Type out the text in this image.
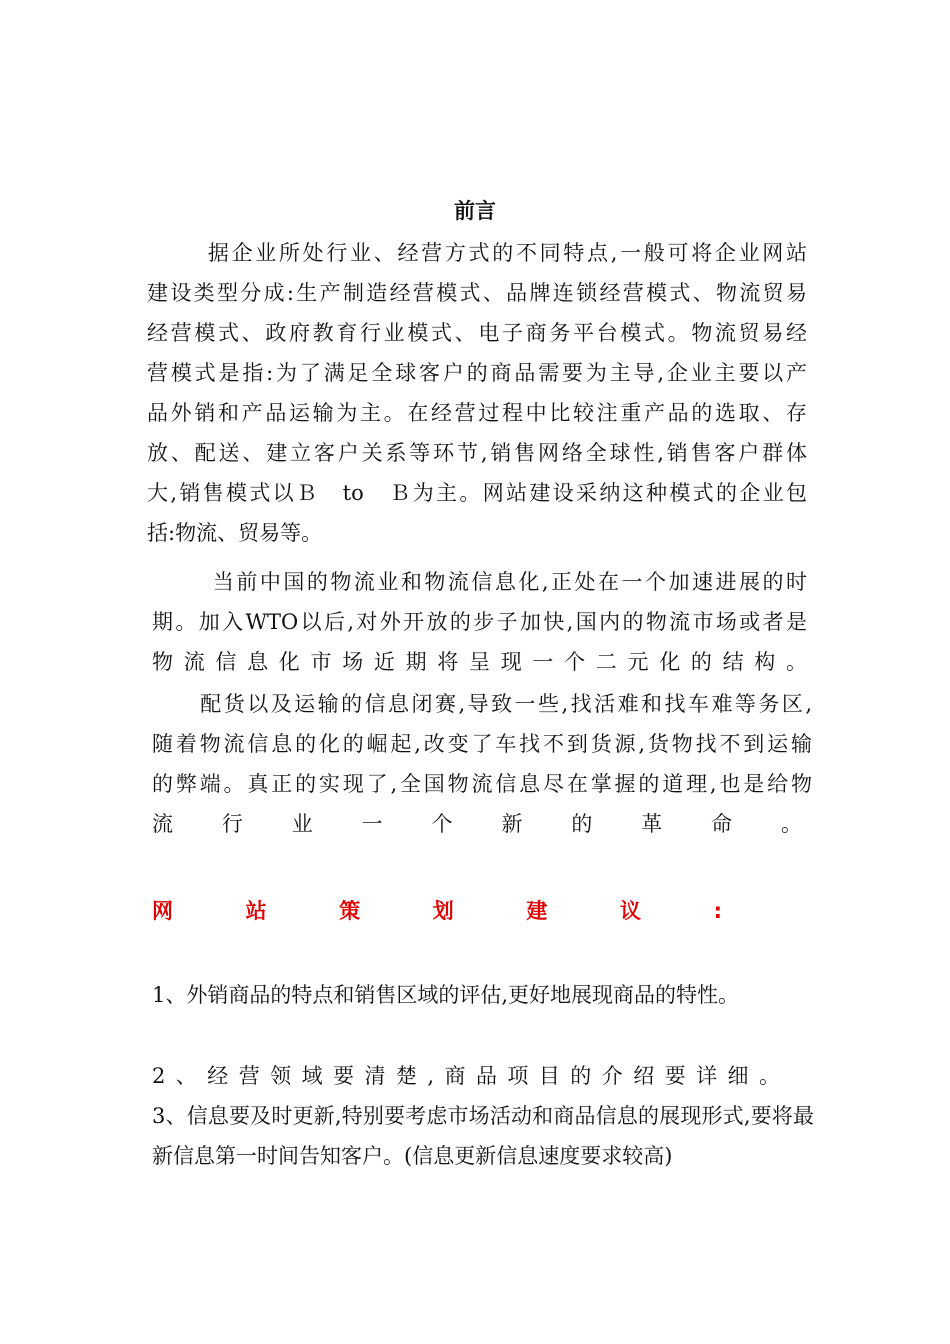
前言
据企业所处行业、经营方式的不同特点,一般可将企业网站
建设类型分成:生产制造经营模式、品牌连锁经营模式、物流贸易
经营模式、政府教育行业模式、电子商务平台模式。物流贸易经
营模式是指:为了满足全球客户的商品需要为主导,企业主要以产
品外销和产品运输为主。在经营过程中比较注重产品的选取、存
放、配送、建立客户关系等环节,销售网络全球性,销售客户群体
大,销售模式以Ｂ　to　Ｂ为主。网站建设采纳这种模式的企业包
括:物流、贸易等。
当前中国的物流业和物流信息化,正处在一个加速进展的时
期。加入WTO以后,对外开放的步子加快,国内的物流市场或者是
物流信息化市场近期将呈现一个二元化的结构。
配货以及运输的信息闭赛,导致一些,找活难和找车难等务区,
随着物流信息的化的崛起,改变了车找不到货源,货物找不到运输
的弊端。真正的实现了,全国物流信息尽在掌握的道理,也是给物
流行业一个新的革命。
网站策划建议:

1、外销商品的特点和销售区域的评估,更好地展现商品的特性。

2、经营领域要清楚,商品项目的介绍要详细。

3、信息要及时更新,特别要考虑市场活动和商品信息的展现形式,要将最新信息第一时间告知客户。(信息更新信息速度要求较高)
